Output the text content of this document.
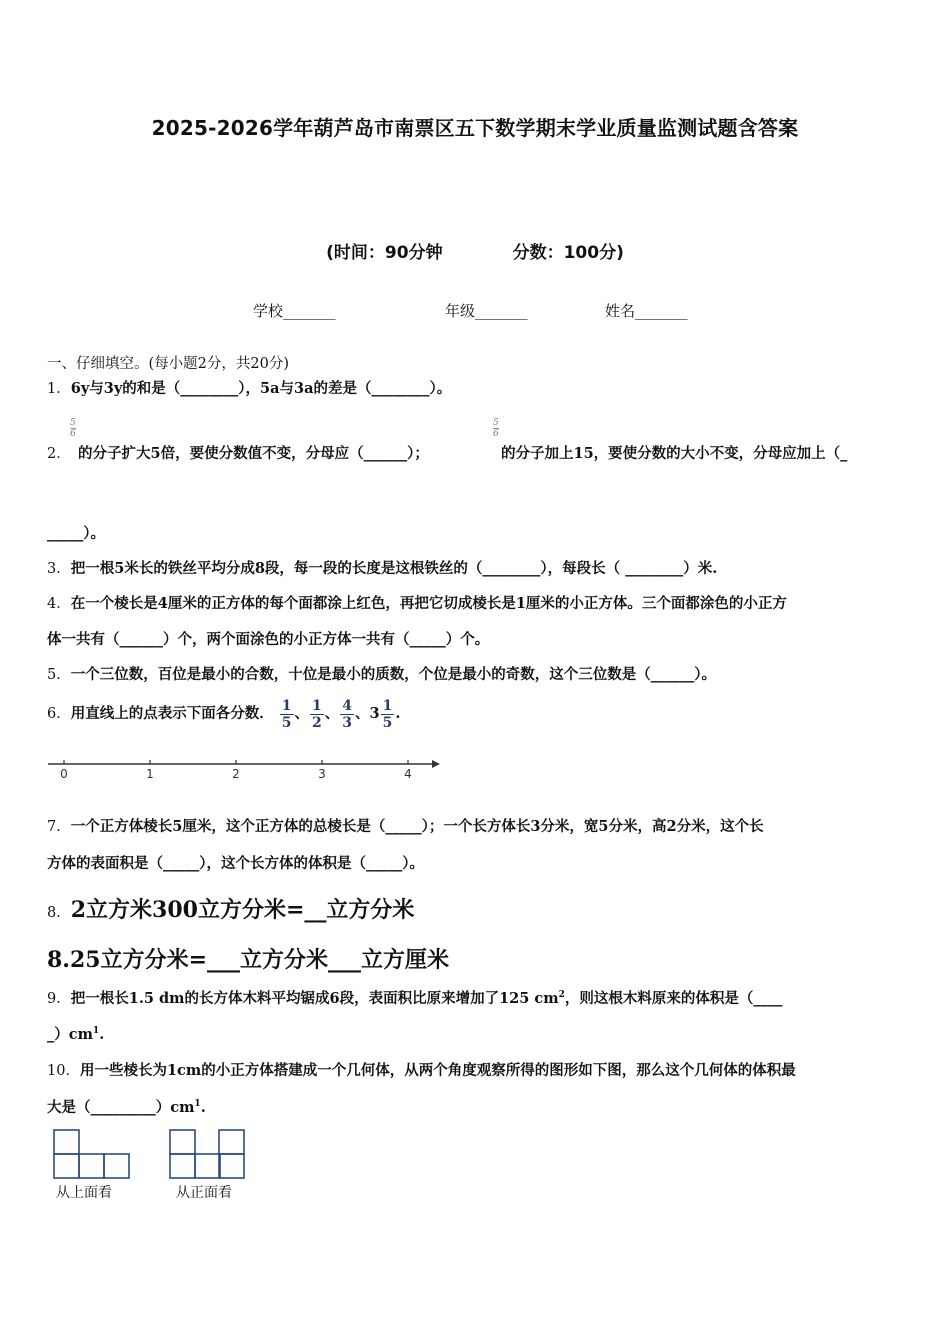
2025-2026学年葫芦岛市南票区五下数学期末学业质量监测试题含答案
(时间：90分钟	分数：100分)
学校_______	年级_______	姓名_______
一、仔细填空。(每小题2分，共20分)
1．6y与3y的和是（________），5a与3a的差是（________）。
2．
$\frac{5}{6}$
的分子扩大5倍，要使分数值不变，分母应（______）；
$\frac{5}{6}$
的分子加上15，要使分数的大小不变，分母应加上（_
_____）。
3．把一根5米长的铁丝平均分成8段，每一段的长度是这根铁丝的（________），每段长（ ________）米.
4．在一个棱长是4厘米的正方体的每个面都涂上红色，再把它切成棱长是1厘米的小正方体。三个面都涂色的小正方
体一共有（______）个，两个面涂色的小正方体一共有（_____）个。
5．一个三位数，百位是最小的合数，十位是最小的质数，个位是最小的奇数，这个三位数是（______）。
6．用直线上的点表示下面各分数． $\frac{1}{5}$ 、 $\frac{1}{2}$ 、 $\frac{4}{3}$ 、$3 \frac{1}{5}$ .
0	1	2	3	4
7．一个正方体棱长5厘米，这个正方体的总棱长是（_____）；一个长方体长3分米，宽5分米，高2分米，这个长
方体的表面积是（_____），这个长方体的体积是（_____）。
8．2立方米300立方分米=__立方分米
8.25立方分米=___立方分米___立方厘米
9．把一根长1.5 dm的长方体木料平均锯成6段，表面积比原来增加了125 $cm^2$，则这根木料原来的体积是（____
$\_)cm^1$.
10．用一些棱长为1cm的小正方体搭建成一个几何体，从两个角度观察所得的图形如下图，那么这个几何体的体积最
大是$(\_\_\_\_\_\_\_\_\_)cm^1$.
从上面看	从正面看
